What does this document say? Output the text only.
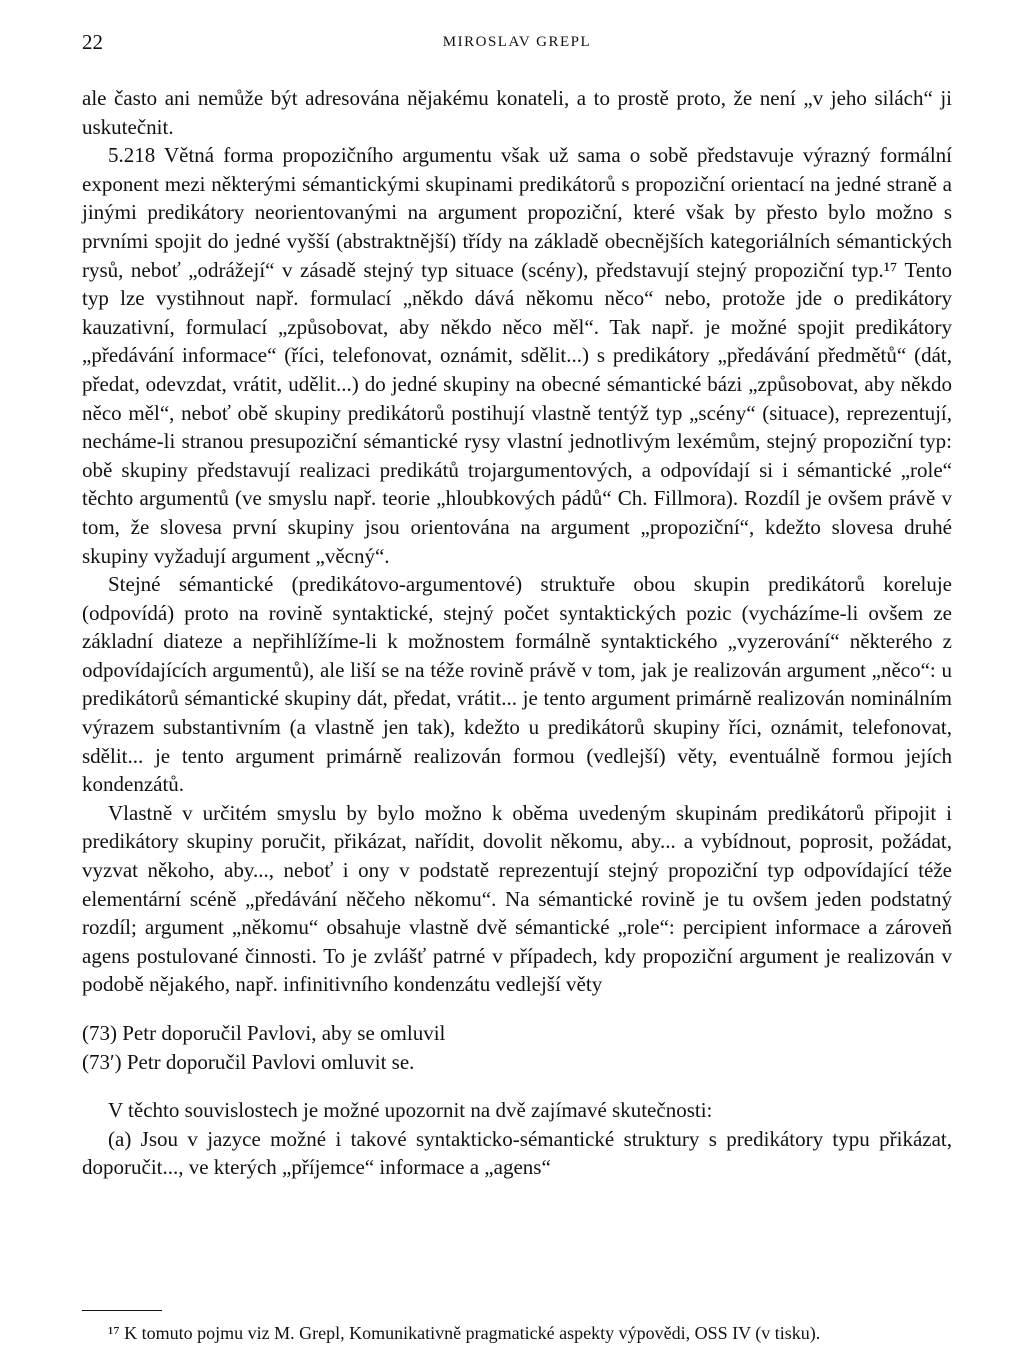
22	MIROSLAV GREPL

ale často ani nemůže být adresována nějakému konateli, a to prostě proto, že není „v jeho silách“ ji uskutečnit.

5.218 Větná forma propozičního argumentu však už sama o sobě představuje výrazný formální exponent mezi některými sémantickými skupinami predikátorů s propoziční orientací na jedné straně a jinými predikátory neorientovanými na argument propoziční, které však by přesto bylo možno s prvními spojit do jedné vyšší (abstraktnější) třídy na základě obecnějších kategoriálních sémantických rysů, neboť „odrážejí“ v zásadě stejný typ situace (scény), představují stejný propoziční typ.¹⁷ Tento typ lze vystihnout např. formulací „někdo dává někomu něco“ nebo, protože jde o predikátory kauzativní, formulací „způsobovat, aby někdo něco měl“. Tak např. je možné spojit predikátory „předávání informace“ (říci, telefonovat, oznámit, sdělit...) s predikátory „předávání předmětů“ (dát, předat, odevzdat, vrátit, udělit...) do jedné skupiny na obecné sémantické bázi „způsobovat, aby někdo něco měl“, neboť obě skupiny predikátorů postihují vlastně tentýž typ „scény“ (situace), reprezentují, necháme-li stranou presupoziční sémantické rysy vlastní jednotlivým lexémům, stejný propoziční typ: obě skupiny představují realizaci predikátů trojargumentových, a odpovídají si i sémantické „role“ těchto argumentů (ve smyslu např. teorie „hloubkových pádů“ Ch. Fillmora). Rozdíl je ovšem právě v tom, že slovesa první skupiny jsou orientována na argument „propoziční“, kdežto slovesa druhé skupiny vyžadují argument „věcný“.

Stejné sémantické (predikátovo-argumentové) struktuře obou skupin predikátorů koreluje (odpovídá) proto na rovině syntaktické, stejný počet syntaktických pozic (vycházíme-li ovšem ze základní diateze a nepřihlížíme-li k možnostem formálně syntaktického „vyzerování“ některého z odpovídajících argumentů), ale liší se na téže rovině právě v tom, jak je realizován argument „něco“: u predikátorů sémantické skupiny dát, předat, vrátit... je tento argument primárně realizován nominálním výrazem substantivním (a vlastně jen tak), kdežto u predikátorů skupiny říci, oznámit, telefonovat, sdělit... je tento argument primárně realizován formou (vedlejší) věty, eventuálně formou jejích kondenzátů.

Vlastně v určitém smyslu by bylo možno k oběma uvedeným skupinám predikátorů připojit i predikátory skupiny poručit, přikázat, nařídit, dovolit někomu, aby... a vybídnout, poprosit, požádat, vyzvat někoho, aby..., neboť i ony v podstatě reprezentují stejný propoziční typ odpovídající téže elementární scéně „předávání něčeho někomu“. Na sémantické rovině je tu ovšem jeden podstatný rozdíl; argument „někomu“ obsahuje vlastně dvě sémantické „role“: percipient informace a zároveň agens postulované činnosti. To je zvlášť patrné v případech, kdy propoziční argument je realizován v podobě nějakého, např. infinitivního kondenzátu vedlejší věty

(73) Petr doporučil Pavlovi, aby se omluvil

(73′) Petr doporučil Pavlovi omluvit se.

V těchto souvislostech je možné upozornit na dvě zajímavé skutečnosti:

(a) Jsou v jazyce možné i takové syntakticko-sémantické struktury s predikátory typu přikázat, doporučit..., ve kterých „příjemce“ informace a „agens“

¹⁷ K tomuto pojmu viz M. Grepl, Komunikativně pragmatické aspekty výpovědi, OSS IV (v tisku).
